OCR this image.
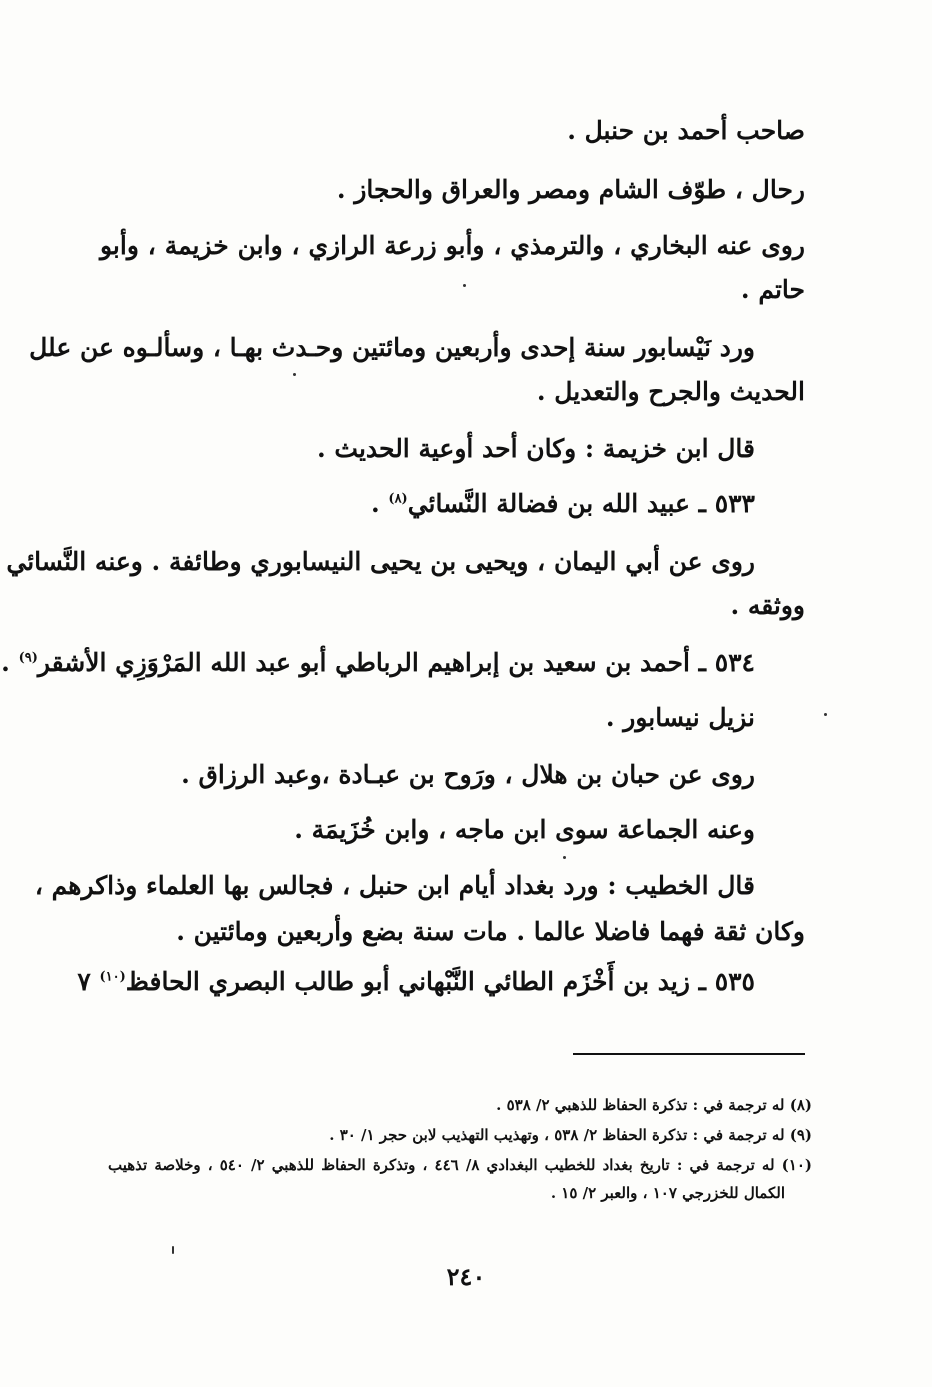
صاحب أحمد بن حنبل .
رحال ، طوّف الشام ومصر والعراق والحجاز .
روى عنه البخاري ، والترمذي ، وأبو زرعة الرازي ، وابن خزيمة ، وأبو
حاتم .
ورد نَيْسابور سنة إحدى وأربعين ومائتين وحـدث بهـا ، وسألـوه عن علل
الحديث والجرح والتعديل .
قال ابن خزيمة : وكان أحد أوعية الحديث .
٥٣٣ ـ عبيد الله بن فضالة النَّسائي$^{(٨)}$ .
روى عن أبي اليمان ، ويحيى بن يحيى النيسابوري وطائفة . وعنه النَّسائي
ووثقه .
٥٣٤ ـ أحمد بن سعيد بن إبراهيم الرباطي أبو عبد الله المَرْوَزِي الأشقر$^{(٩)}$ .
نزيل نيسابور .
روى عن حبان بن هلال ، ورَوح بن عبـادة ،وعبد الرزاق .
وعنه الجماعة سوى ابن ماجه ، وابن خُزَيمَة .
قال الخطيب : ورد بغداد أيام ابن حنبل ، فجالس بها العلماء وذاكرهم ،
وكان ثقة فهما فاضلا عالما . مات سنة بضع وأربعين ومائتين .
٥٣٥ ـ زيد بن أَخْزَم الطائي النَّبْهاني أبو طالب البصري الحافظ$^{(١٠)}$ ٧
(٨) له ترجمة في : تذكرة الحفاظ للذهبي ٢/ ٥٣٨ .
(٩) له ترجمة في : تذكرة الحفاظ ٢/ ٥٣٨ ، وتهذيب التهذيب لابن حجر ١/ ٣٠ .
(١٠) له ترجمة في : تاريخ بغداد للخطيب البغدادي ٨/ ٤٤٦ ، وتذكرة الحفاظ للذهبي ٢/ ٥٤٠ ، وخلاصة تذهيب
الكمال للخزرجي ١٠٧ ، والعبر ٢/ ١٥ .
٢٤٠
